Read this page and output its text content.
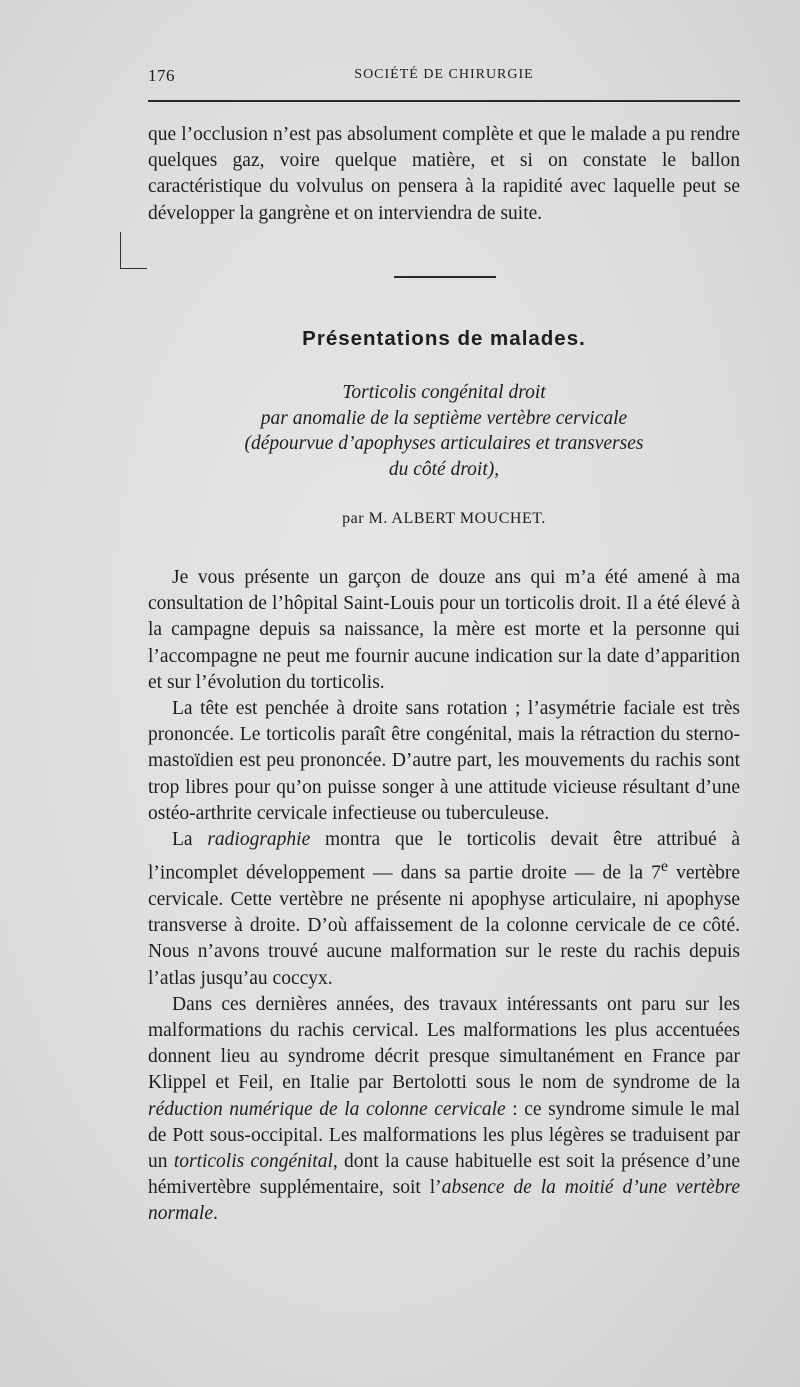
176	SOCIÉTÉ DE CHIRURGIE

que l’occlusion n’est pas absolument complète et que le malade a pu rendre quelques gaz, voire quelque matière, et si on constate le ballon caractéristique du volvulus on pensera à la rapidité avec laquelle peut se développer la gangrène et on interviendra de suite.

Présentations de malades.
Torticolis congénital droit
par anomalie de la septième vertèbre cervicale
(dépourvue d’apophyses articulaires et transverses
du côté droit),
par M. ALBERT MOUCHET.

Je vous présente un garçon de douze ans qui m’a été amené à ma consultation de l’hôpital Saint-Louis pour un torticolis droit. Il a été élevé à la campagne depuis sa naissance, la mère est morte et la personne qui l’accompagne ne peut me fournir aucune indication sur la date d’apparition et sur l’évolution du torticolis.

La tête est penchée à droite sans rotation ; l’asymétrie faciale est très prononcée. Le torticolis paraît être congénital, mais la rétraction du sterno-mastoïdien est peu prononcée. D’autre part, les mouvements du rachis sont trop libres pour qu’on puisse songer à une attitude vicieuse résultant d’une ostéo-arthrite cervicale infectieuse ou tuberculeuse.

La radiographie montra que le torticolis devait être attribué à l’incomplet développement — dans sa partie droite — de la 7e vertèbre cervicale. Cette vertèbre ne présente ni apophyse articulaire, ni apophyse transverse à droite. D’où affaissement de la colonne cervicale de ce côté. Nous n’avons trouvé aucune malformation sur le reste du rachis depuis l’atlas jusqu’au coccyx.

Dans ces dernières années, des travaux intéressants ont paru sur les malformations du rachis cervical. Les malformations les plus accentuées donnent lieu au syndrome décrit presque simultanément en France par Klippel et Feil, en Italie par Bertolotti sous le nom de syndrome de la réduction numérique de la colonne cervicale : ce syndrome simule le mal de Pott sous-occipital. Les malformations les plus légères se traduisent par un torticolis congénital, dont la cause habituelle est soit la présence d’une hémivertèbre supplémentaire, soit l’absence de la moitié d’une vertèbre normale.
